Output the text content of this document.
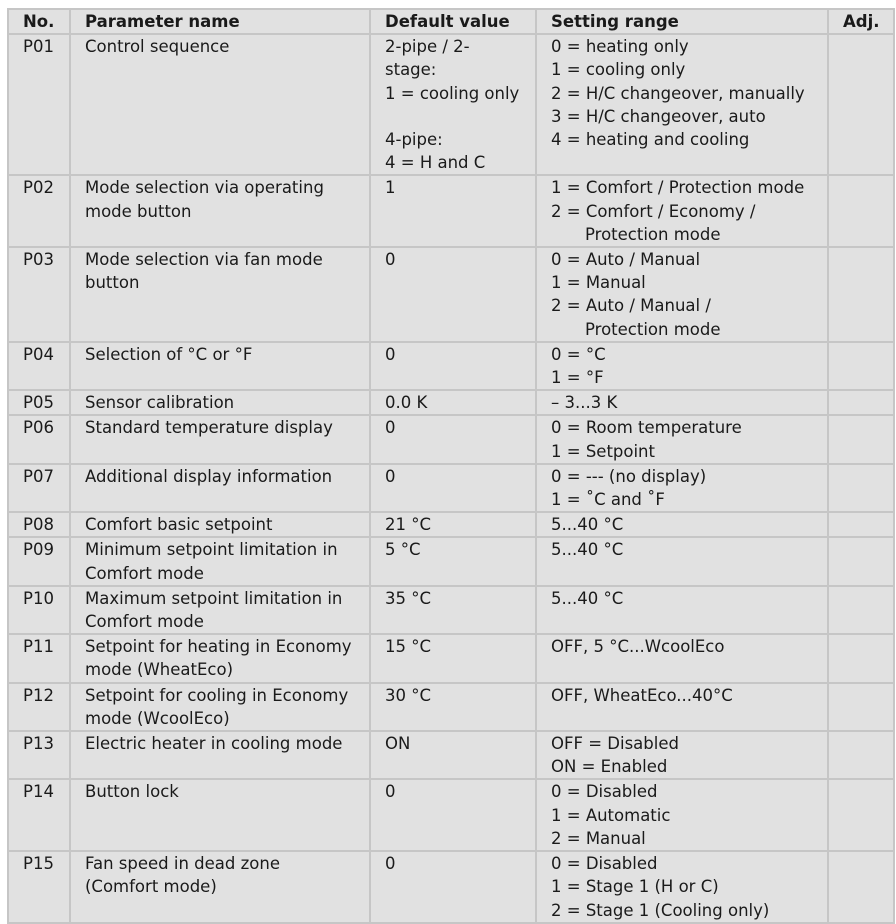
No.	Parameter name	Default value	Setting range	Adj.
P01	Control sequence	2-pipe / 2-
stage:
1 = cooling only
4-pipe:
4 = H and C	0 = heating only
1 = cooling only
2 = H/C changeover, manually
3 = H/C changeover, auto
4 = heating and cooling	

P02	Mode selection via operating
mode button	1	1 = Comfort / Protection mode
2 = Comfort / Economy /
Protection mode	

P03	Mode selection via fan mode
button	0	0 = Auto / Manual
1 = Manual
2 = Auto / Manual /
Protection mode	

P04	Selection of °C or °F	0	0 = °C
1 = °F	

P05	Sensor calibration	0.0 K	– 3...3 K	

P06	Standard temperature display	0	0 = Room temperature
1 = Setpoint	

P07	Additional display information	0	0 = --- (no display)
1 = ˚C and ˚F	

P08	Comfort basic setpoint	21 °C	5...40 °C	

P09	Minimum setpoint limitation in
Comfort mode	5 °C	5...40 °C	

P10	Maximum setpoint limitation in
Comfort mode	35 °C	5...40 °C	

P11	Setpoint for heating in Economy
mode (WheatEco)	15 °C	OFF, 5 °C...WcoolEco	

P12	Setpoint for cooling in Economy
mode (WcoolEco)	30 °C	OFF, WheatEco...40°C	

P13	Electric heater in cooling mode	ON	OFF = Disabled
ON = Enabled	

P14	Button lock	0	0 = Disabled
1 = Automatic
2 = Manual	

P15	Fan speed in dead zone
(Comfort mode)	0	0 = Disabled
1 = Stage 1 (H or C)
2 = Stage 1 (Cooling only)	
